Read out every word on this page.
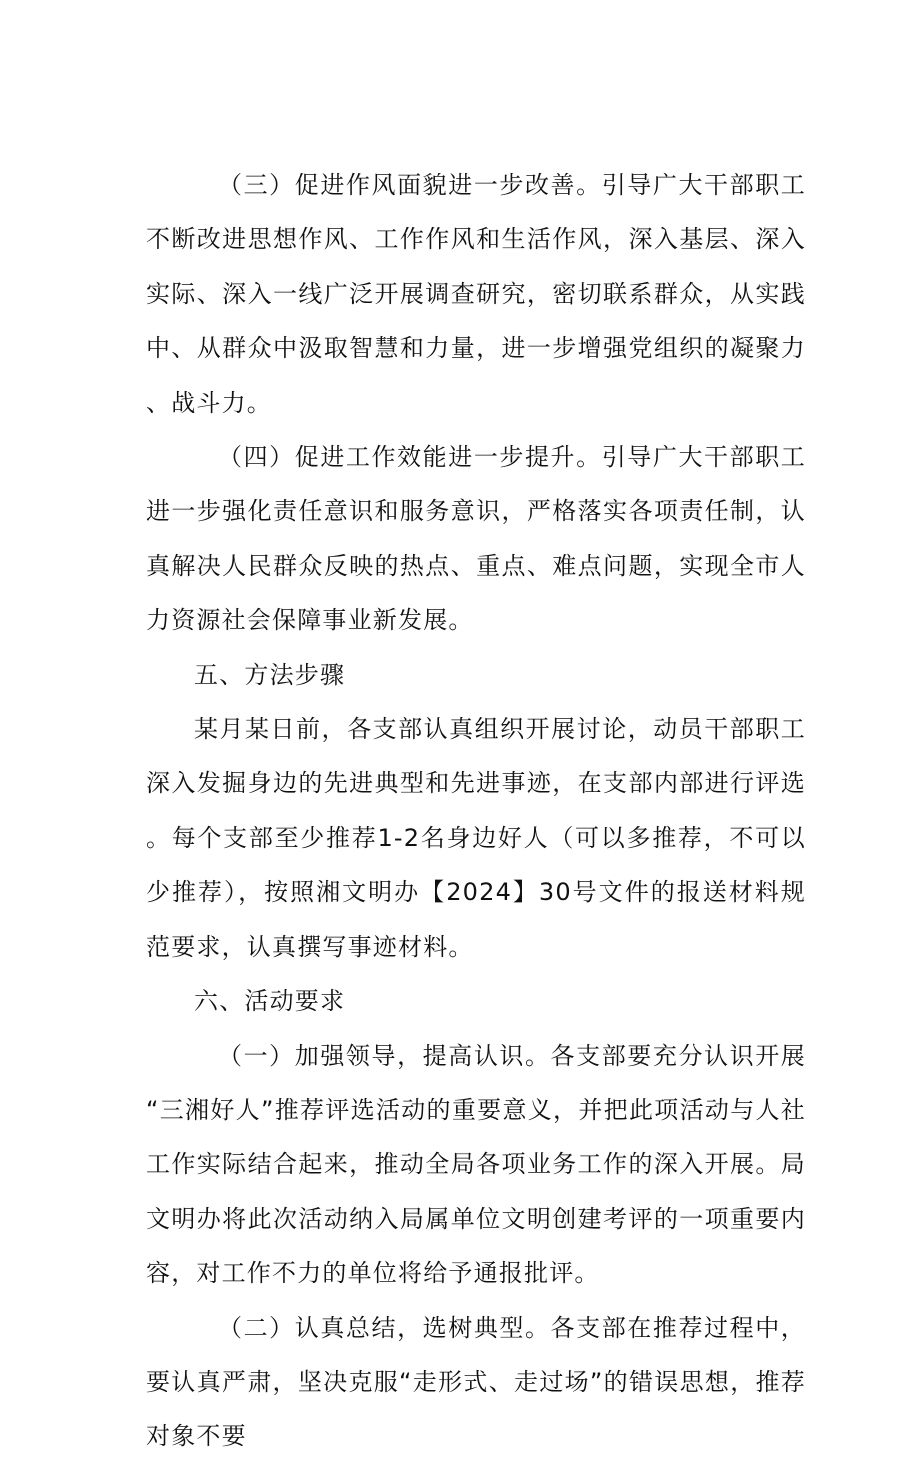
（三）促进作风面貌进一步改善。引导广大干部职工不断改进思想作风、工作作风和生活作风，深入基层、深入实际、深入一线广泛开展调查研究，密切联系群众，从实践中、从群众中汲取智慧和力量，进一步增强党组织的凝聚力、战斗力。

（四）促进工作效能进一步提升。引导广大干部职工进一步强化责任意识和服务意识，严格落实各项责任制，认真解决人民群众反映的热点、重点、难点问题，实现全市人力资源社会保障事业新发展。

五、方法步骤

某月某日前，各支部认真组织开展讨论，动员干部职工深入发掘身边的先进典型和先进事迹，在支部内部进行评选。每个支部至少推荐1-2名身边好人（可以多推荐，不可以少推荐），按照湘文明办【2024】30号文件的报送材料规范要求，认真撰写事迹材料。

六、活动要求

（一）加强领导，提高认识。各支部要充分认识开展“三湘好人”推荐评选活动的重要意义，并把此项活动与人社工作实际结合起来，推动全局各项业务工作的深入开展。局文明办将此次活动纳入局属单位文明创建考评的一项重要内容，对工作不力的单位将给予通报批评。

（二）认真总结，选树典型。各支部在推荐过程中，要认真严肃，坚决克服“走形式、走过场”的错误思想，推荐对象不要
